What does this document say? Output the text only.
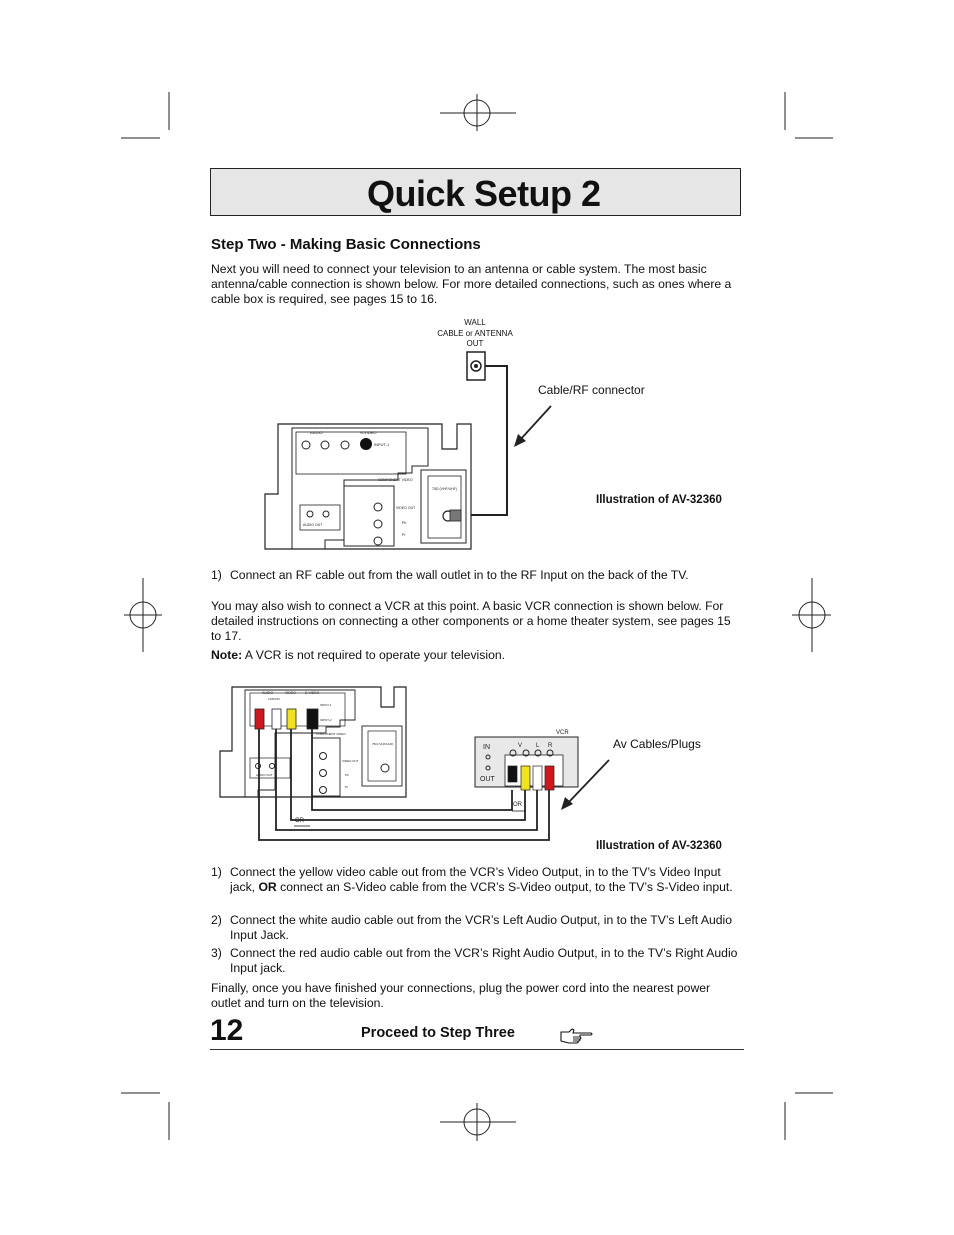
Quick Setup 2
Step Two - Making Basic Connections
Next you will need to connect your television to an antenna or cable system. The most basic antenna/cable connection is shown below. For more detailed connections, such as ones where a cable box is required, see pages 15 to 16.
WALL
CABLE or ANTENNA
OUT
AUDIO	S-VIDEO
INPUT-1
COMPONENT VIDEO
AUDIO OUT
VIDEO OUT
Pb
Pr
75Ω (VHF/UHF)
Cable/RF connector
Illustration of AV-32360
1) Connect an RF cable out from the wall outlet in to the RF Input on the back of the TV.
You may also wish to connect a VCR at this point. A basic VCR connection is shown below. For detailed instructions on connecting a other components or a home theater system, see pages 15 to 17.
Note: A VCR is not required to operate your television.
AUDIO	VIDEO	S-VIDEO
L/MONO
INPUT-1
INPUT-2
COMPONENT VIDEO
AUDIO OUT
VIDEO OUT
Pb
Pr
75Ω (VHF/UHF)
OR
OR
VCR
IN
OUT
V L R	Av Cables/Plugs
Illustration of AV-32360
1) Connect the yellow video cable out from the VCR’s Video Output, in to the TV’s Video Input jack, OR connect an S-Video cable from the VCR’s S-Video output, to the TV’s S-Video input.
2) Connect the white audio cable out from the VCR’s Left Audio Output, in to the TV’s Left Audio Input Jack.
3) Connect the red audio cable out from the VCR’s Right Audio Output, in to the TV’s Right Audio Input jack.
Finally, once you have finished your connections, plug the power cord into the nearest power outlet and turn on the television.
12	Proceed to Step Three
